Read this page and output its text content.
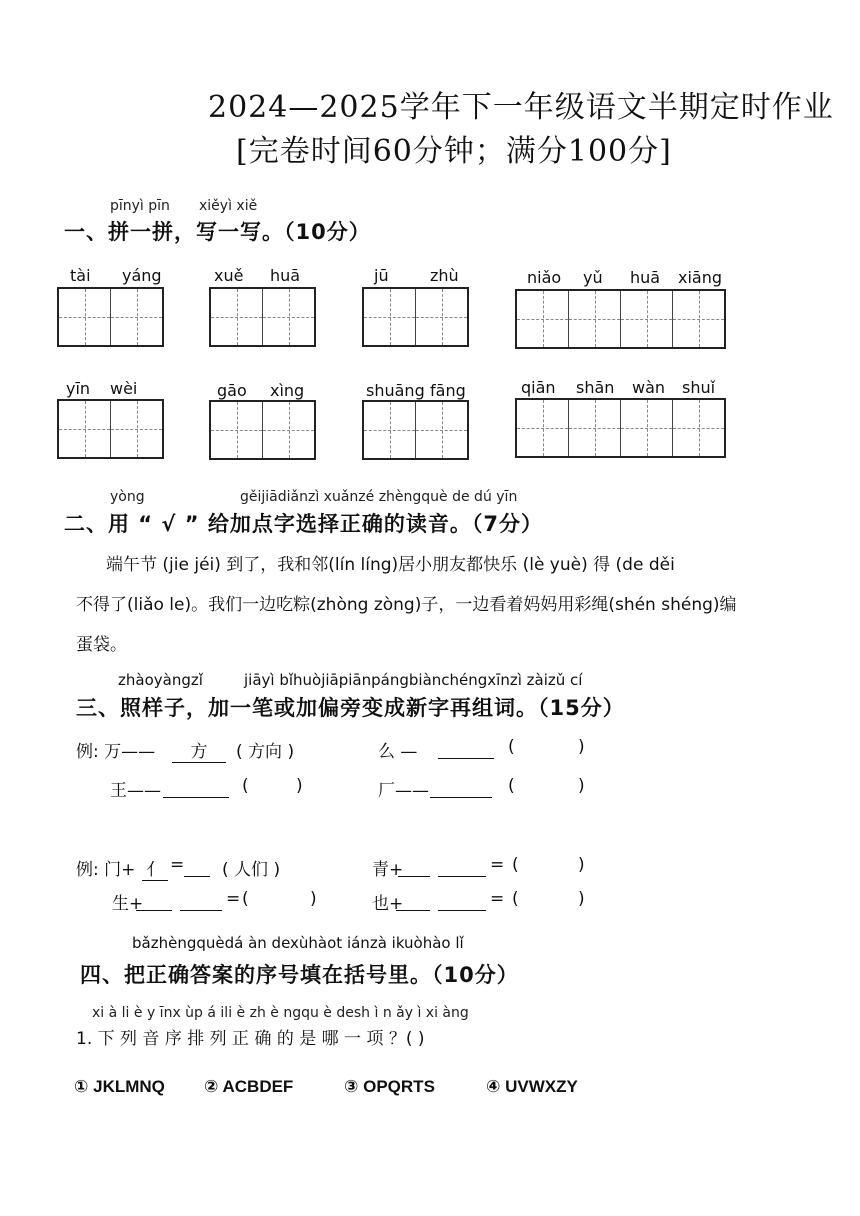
2024—2025学年下一年级语文半期定时作业
[完卷时间60分钟；满分100分]
pīnyì pīn xiěyì xiě
一、拼一拼，写一写。（10分）
tài yáng	xuě huā	jū	zhù	niǎo yǔ huā xiāng
yīn wèi	gāo xìng	shuāng fāng	qiān shān wàn shuǐ
yòng	gěijiādiǎnzì xuǎnzé zhèngquè de dú yīn
二、用 “ √ ” 给加点字选择正确的读音。（7分）
端午节 (jie jéi) 到了，我和邻(lín líng)居小朋友都快乐 (lè yuè) 得 (de děi
不得了(liǎo le)。我们一边吃粽(zhòng zòng)子，一边看着妈妈用彩绳(shén shéng)编
蛋袋。
zhàoyàngzǐ	jiāyì bǐhuòjiāpiānpángbiànchéngxīnzì zàizǔ cí
三、照样子，加一笔或加偏旁变成新字再组词。（15分）
例: 万——	方	( 方向 )	么 —	(	)
王——	(	)	厂——	(	)
例: 门+ 亻 = ( 人们 )	青+	= (	)
生+	= (	)	也+	= (	)
bǎzhèngquèdá àn dexùhàot iánzà ikuòhào lǐ
四、把正确答案的序号填在括号里。（10分）
xi à li è y īnx ùp á ili è zh è ngqu è desh ì n ǎy ì xi àng
1. 下 列 音 序 排 列 正 确 的 是 哪 一 项 ？( )
① JKLMNQ ② ACBDEF	③ OPQRTS	④ UVWXZY
